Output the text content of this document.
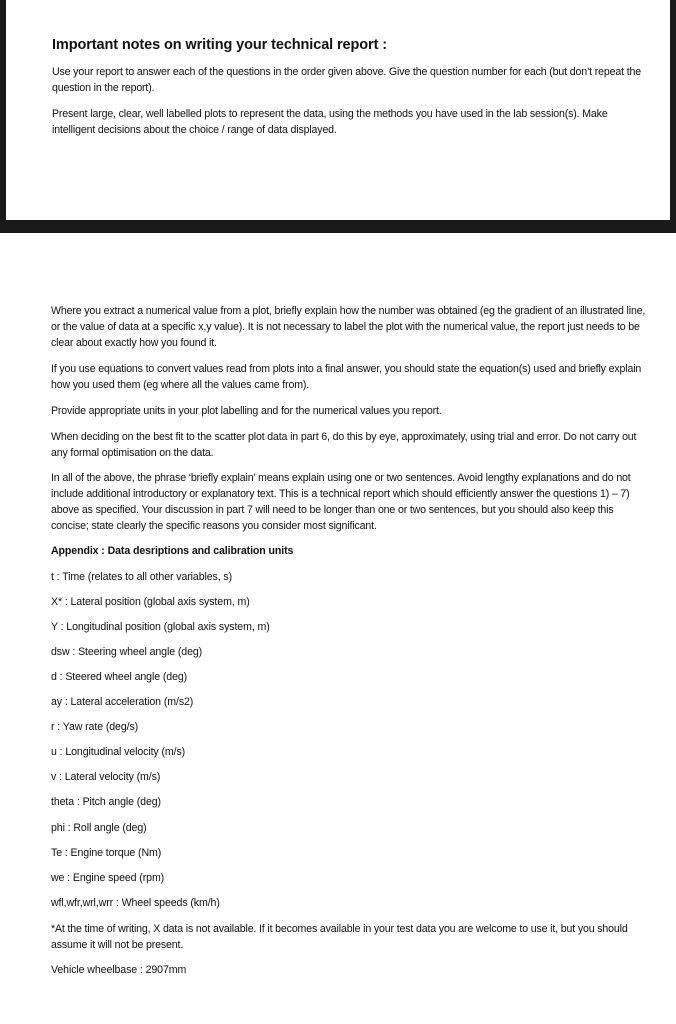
Important notes on writing your technical report :

Use your report to answer each of the questions in the order given above. Give the question number for each (but don’t repeat the question in the report).

Present large, clear, well labelled plots to represent the data, using the methods you have used in the lab session(s). Make intelligent decisions about the choice / range of data displayed.

Where you extract a numerical value from a plot, briefly explain how the number was obtained (eg the gradient of an illustrated line, or the value of data at a specific x,y value). It is not necessary to label the plot with the numerical value, the report just needs to be clear about exactly how you found it.

If you use equations to convert values read from plots into a final answer, you should state the equation(s) used and briefly explain how you used them (eg where all the values came from).

Provide appropriate units in your plot labelling and for the numerical values you report.

When deciding on the best fit to the scatter plot data in part 6, do this by eye, approximately, using trial and error. Do not carry out any formal optimisation on the data.

In all of the above, the phrase ‘briefly explain’ means explain using one or two sentences. Avoid lengthy explanations and do not include additional introductory or explanatory text. This is a technical report which should efficiently answer the questions 1) – 7) above as specified. Your discussion in part 7 will need to be longer than one or two sentences, but you should also keep this concise; state clearly the specific reasons you consider most significant.

Appendix : Data desriptions and calibration units
t : Time (relates to all other variables, s)
X* : Lateral position (global axis system, m)
Y : Longitudinal position (global axis system, m)
dsw : Steering wheel angle (deg)
d : Steered wheel angle (deg)
ay : Lateral acceleration (m/s2)
r : Yaw rate (deg/s)
u : Longitudinal velocity (m/s)
v : Lateral velocity (m/s)
theta : Pitch angle (deg)
phi : Roll angle (deg)
Te : Engine torque (Nm)
we : Engine speed (rpm)
wfl,wfr,wrl,wrr : Wheel speeds (km/h)

*At the time of writing, X data is not available. If it becomes available in your test data you are welcome to use it, but you should assume it will not be present.

Vehicle wheelbase : 2907mm
